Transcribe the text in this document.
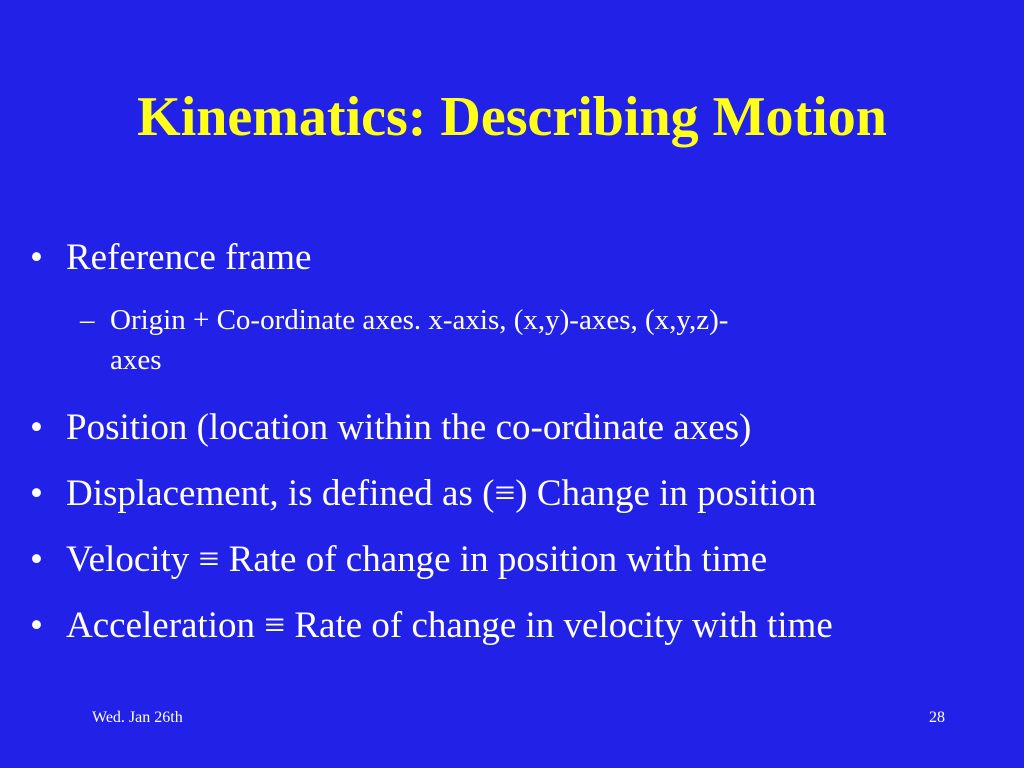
Kinematics: Describing Motion
• Reference frame
– Origin + Co-ordinate axes. x-axis, (x,y)-axes, (x,y,z)-
axes
• Position (location within the co-ordinate axes)
• Displacement, is defined as (≡) Change in position
• Velocity ≡ Rate of change in position with time
• Acceleration ≡ Rate of change in velocity with time
Wed. Jan 26th	28
